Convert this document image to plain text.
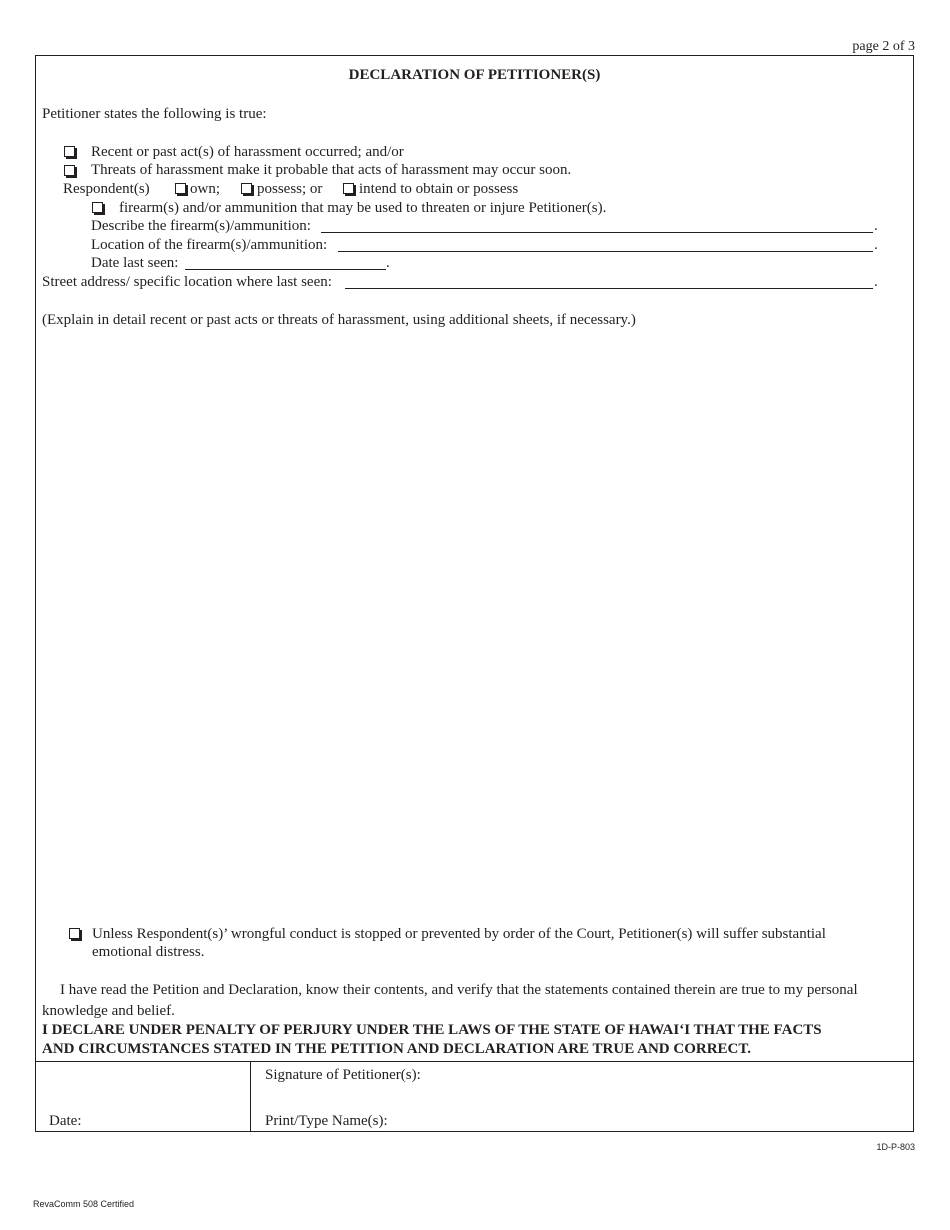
page 2 of 3
DECLARATION OF PETITIONER(S)
Petitioner states the following is true:
Recent or past act(s) of harassment occurred; and/or
Threats of harassment make it probable that acts of harassment may occur soon.
Respondent(s)	own; possess; or intend to obtain or possess
firearm(s) and/or ammunition that may be used to threaten or injure Petitioner(s).
Describe the firearm(s)/ammunition:	.
Location of the firearm(s)/ammunition:	.
Date last seen:	.
Street address/ specific location where last seen:	.
(Explain in detail recent or past acts or threats of harassment, using additional sheets, if necessary.)
Unless Respondent(s)’ wrongful conduct is stopped or prevented by order of the Court, Petitioner(s) will suffer substantial
emotional distress.
I have read the Petition and Declaration, know their contents, and verify that the statements contained therein are true to my personal
knowledge and belief.
I DECLARE UNDER PENALTY OF PERJURY UNDER THE LAWS OF THE STATE OF HAWAI‘I THAT THE FACTS
AND CIRCUMSTANCES STATED IN THE PETITION AND DECLARATION ARE TRUE AND CORRECT.
Signature of Petitioner(s):
Date:	Print/Type Name(s):
1D-P-803
RevaComm 508 Certified
